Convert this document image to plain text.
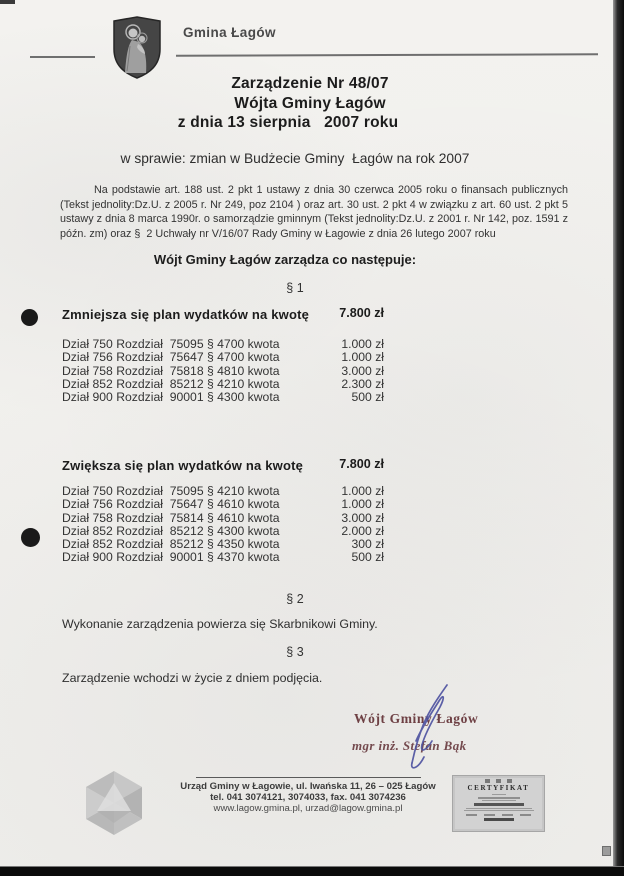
Gmina Łagów
Zarządzenie Nr 48/07
Wójta Gminy Łagów
z dnia 13 sierpnia   2007 roku
w sprawie: zmian w Budżecie Gminy  Łagów na rok 2007
Na podstawie art. 188 ust. 2 pkt 1 ustawy z dnia 30 czerwca 2005 roku o finansach publicznych (Tekst jednolity:Dz.U. z 2005 r. Nr 249, poz 2104 ) oraz art. 30 ust. 2 pkt 4 w związku z art. 60 ust. 2 pkt 5 ustawy z dnia 8 marca 1990r. o samorządzie gminnym (Tekst jednolity:Dz.U. z 2001 r. Nr 142, poz. 1591 z późn. zm) oraz §  2 Uchwały nr V/16/07 Rady Gminy w Łagowie z dnia 26 lutego 2007 roku
Wójt Gminy Łagów zarządza co następuje:
§ 1
Zmniejsza się plan wydatków na kwotę	7.800 zł
Dział 750 Rozdział  75095 § 4700 kwota	1.000 zł
Dział 756 Rozdział  75647 § 4700 kwota	1.000 zł
Dział 758 Rozdział  75818 § 4810 kwota	3.000 zł
Dział 852 Rozdział  85212 § 4210 kwota	2.300 zł
Dział 900 Rozdział  90001 § 4300 kwota	500 zł
Zwiększa się plan wydatków na kwotę	7.800 zł
Dział 750 Rozdział  75095 § 4210 kwota	1.000 zł
Dział 756 Rozdział  75647 § 4610 kwota	1.000 zł
Dział 758 Rozdział  75814 § 4610 kwota	3.000 zł
Dział 852 Rozdział  85212 § 4300 kwota	2.000 zł
Dział 852 Rozdział  85212 § 4350 kwota	300 zł
Dział 900 Rozdział  90001 § 4370 kwota	500 zł
§ 2
Wykonanie zarządzenia powierza się Skarbnikowi Gminy.
§ 3
Zarządzenie wchodzi w życie z dniem podjęcia.
Wójt Gminy Łagów
mgr inż. Stefan Bąk
Urząd Gminy w Łagowie, ul. Iwańska 11, 26 – 025 Łagów
tel. 041 3074121, 3074033, fax. 041 3074236
www.lagow.gmina.pl, urzad@lagow.gmina.pl
CERTYFIKAT
